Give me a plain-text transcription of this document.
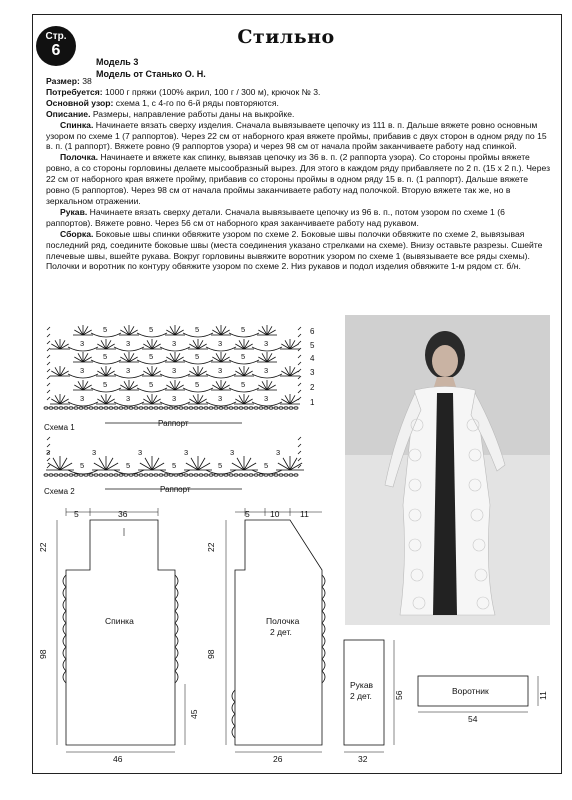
Стр.
6
Стильно
Модель 3
Модель от Станько О. Н.

Размер: 38

Потребуется: 1000 г пряжи (100% акрил, 100 г / 300 м), крючок № 3.

Основной узор: схема 1, с 4-го по 6-й ряды повторяются.

Описание. Размеры, направление работы даны на выкройке.

Спинка. Начинаете вязать сверху изделия. Сначала вывязываете цепочку из 111 в. п. Дальше вяжете ровно основным узором по схеме 1 (7 раппортов). Через 22 см от наборного края вяжете проймы, прибавив с двух сторон в одном ряду по 15 в. п. (1 раппорт). Вяжете ровно (9 раппортов узора) и через 98 см от начала пройм заканчиваете работу над спинкой.

Полочка. Начинаете и вяжете как спинку, вывязав цепочку из 36 в. п. (2 раппорта узора). Со стороны проймы вяжете ровно, а со стороны горловины делаете мысообразный вырез. Для этого в каждом ряду прибавляете по 2 п. (15 х 2 п.). Через 22 см от наборного края вяжете пройму, прибавив со стороны проймы в одном ряду 15 в. п. (1 раппорт). Дальше вяжете ровно (5 раппортов). Через 98 см от начала проймы заканчиваете работу над полочкой. Вторую вяжете так же, но в зеркальном отражении.

Рукав. Начинаете вязать сверху детали. Сначала вывязываете цепочку из 96 в. п., потом узором по схеме 1 (6 раппортов). Вяжете ровно. Через 56 см от наборного края заканчиваете работу над рукавом.

Сборка. Боковые швы спинки обвяжите узором по схеме 2. Боковые швы полочки обвяжите по схеме 2, вывязывая последний ряд, соедините боковые швы (места соединения указано стрелками на схеме). Внизу оставьте разрезы. Сшейте плечевые швы, вшейте рукава. Вокруг горловины вывяжите воротник узором по схеме 1 (вывязываете все ряды схемы). Полочки и воротник по контуру обвяжите узором по схеме 2. Низ рукавов и подол изделия обвяжите 1-м рядом ст. б/н.

3	3	3	3	3
5	5	5	5
3	3	3	3	3
5	5	5	5
3	3	3	3	3
5	5	5	5
3	3	3	3	3	3
5	5	5	5	5
Схема 1	Раппорт
Схема 2	Раппорт
6
5
4
3
2
1
5	36
22
98
45
46
Спинка
5 10 11
22
98
26
Полочка
2 дет.
Рукав
2 дет.	56
32
Воротник	11
54
